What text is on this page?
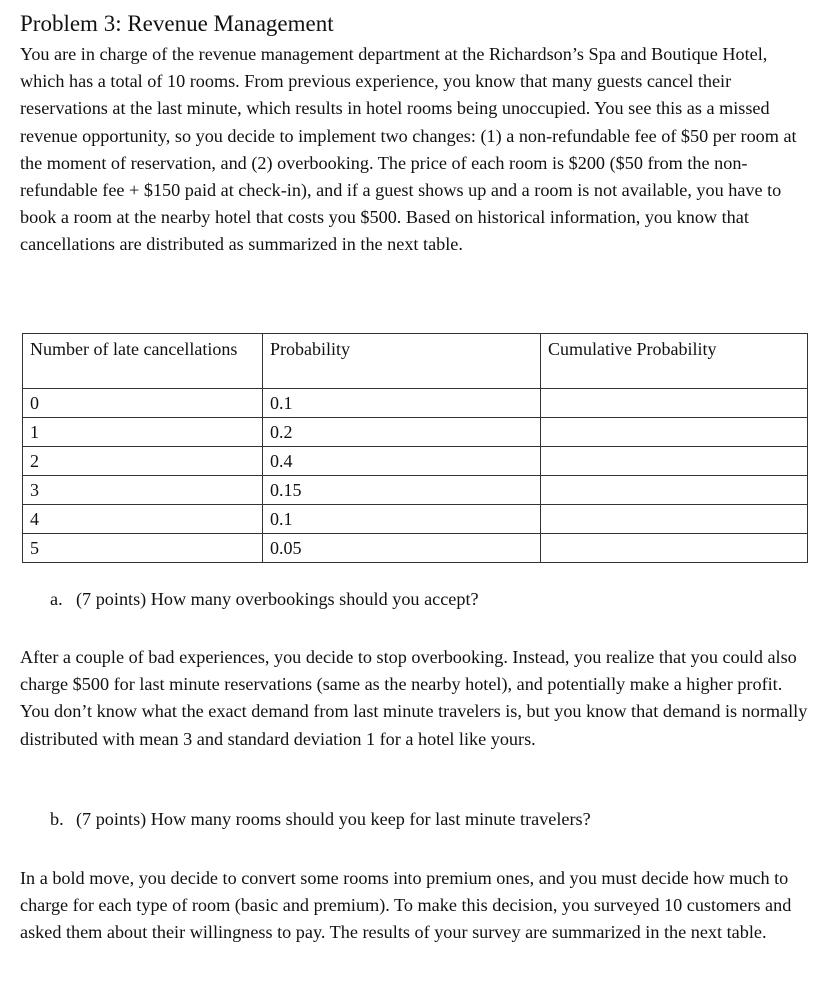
Problem 3: Revenue Management

You are in charge of the revenue management department at the Richardson’s Spa and Boutique Hotel, which has a total of 10 rooms. From previous experience, you know that many guests cancel their reservations at the last minute, which results in hotel rooms being unoccupied. You see this as a missed revenue opportunity, so you decide to implement two changes: (1) a non-refundable fee of $50 per room at the moment of reservation, and (2) overbooking. The price of each room is $200 ($50 from the non-refundable fee + $150 paid at check-in), and if a guest shows up and a room is not available, you have to book a room at the nearby hotel that costs you $500. Based on historical information, you know that cancellations are distributed as summarized in the next table.

Number of late cancellations	Probability	Cumulative Probability
0	0.1	
1	0.2	
2	0.4	
3	0.15	
4	0.1	
5	0.05	
a. (7 points) How many overbookings should you accept?

After a couple of bad experiences, you decide to stop overbooking. Instead, you realize that you could also charge $500 for last minute reservations (same as the nearby hotel), and potentially make a higher profit. You don’t know what the exact demand from last minute travelers is, but you know that demand is normally distributed with mean 3 and standard deviation 1 for a hotel like yours.

b. (7 points) How many rooms should you keep for last minute travelers?

In a bold move, you decide to convert some rooms into premium ones, and you must decide how much to charge for each type of room (basic and premium). To make this decision, you surveyed 10 customers and asked them about their willingness to pay. The results of your survey are summarized in the next table.
